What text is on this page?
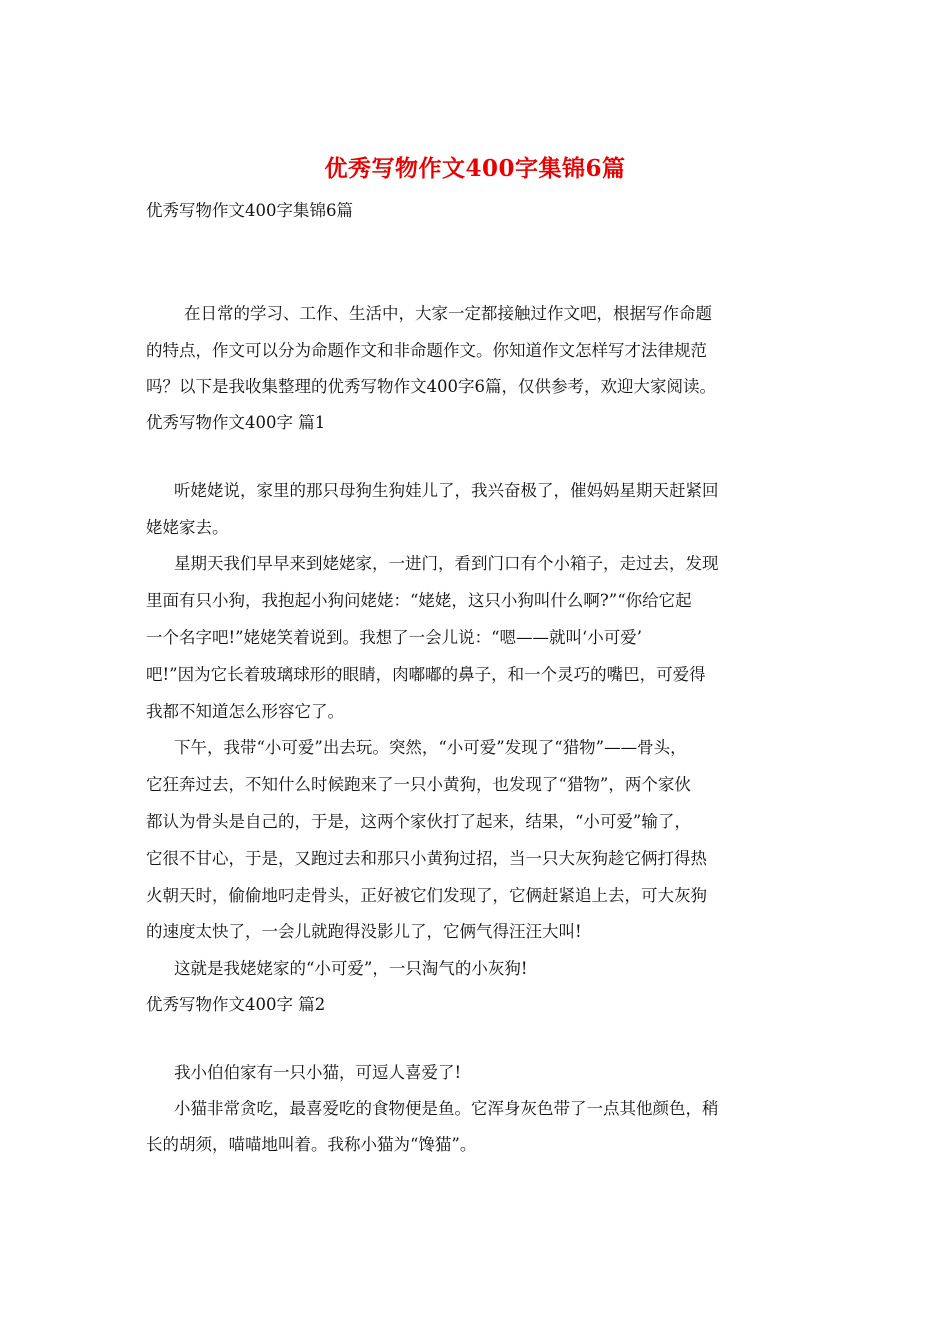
优秀写物作文400字集锦6篇
优秀写物作文400字集锦6篇
在日常的学习、工作、生活中，大家一定都接触过作文吧，根据写作命题
的特点，作文可以分为命题作文和非命题作文。你知道作文怎样写才法律规范
吗？以下是我收集整理的优秀写物作文400字6篇，仅供参考，欢迎大家阅读。
优秀写物作文400字 篇1
听姥姥说，家里的那只母狗生狗娃儿了，我兴奋极了，催妈妈星期天赶紧回
姥姥家去。
星期天我们早早来到姥姥家，一进门，看到门口有个小箱子，走过去，发现
里面有只小狗，我抱起小狗问姥姥：“姥姥，这只小狗叫什么啊?”“你给它起
一个名字吧!”姥姥笑着说到。我想了一会儿说：“嗯——就叫‘小可爱’
吧!”因为它长着玻璃球形的眼睛，肉嘟嘟的鼻子，和一个灵巧的嘴巴，可爱得
我都不知道怎么形容它了。
下午，我带“小可爱”出去玩。突然，“小可爱”发现了“猎物”——骨头，
它狂奔过去，不知什么时候跑来了一只小黄狗，也发现了“猎物”，两个家伙
都认为骨头是自己的，于是，这两个家伙打了起来，结果，“小可爱”输了，
它很不甘心，于是，又跑过去和那只小黄狗过招，当一只大灰狗趁它俩打得热
火朝天时，偷偷地叼走骨头，正好被它们发现了，它俩赶紧追上去，可大灰狗
的速度太快了，一会儿就跑得没影儿了，它俩气得汪汪大叫!
这就是我姥姥家的“小可爱”，一只淘气的小灰狗!
优秀写物作文400字 篇2
我小伯伯家有一只小猫，可逗人喜爱了!
小猫非常贪吃，最喜爱吃的食物便是鱼。它浑身灰色带了一点其他颜色，稍
长的胡须，喵喵地叫着。我称小猫为“馋猫”。
